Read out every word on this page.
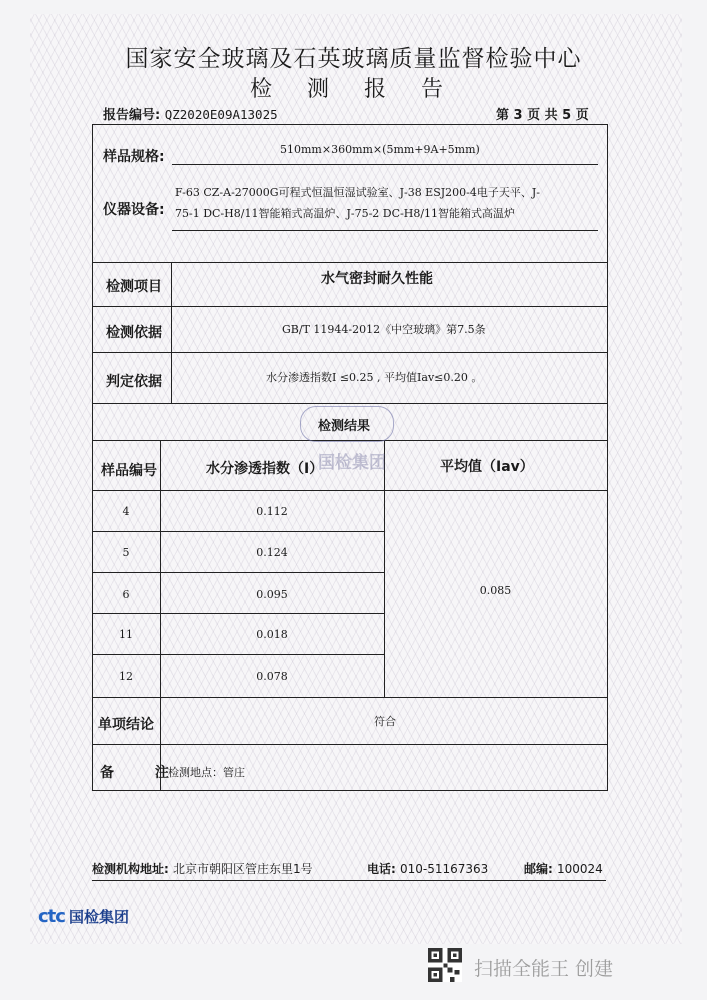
国家安全玻璃及石英玻璃质量监督检验中心
检 测 报 告
报告编号: QZ2020E09A13025	第 3 页 共 5 页
样品规格:	510mm×360mm×(5mm+9A+5mm)
仪器设备:
F-63 CZ-A-27000G可程式恒温恒湿试验室、J-38 ESJ200-4电子天平、J-
75-1 DC-H8/11智能箱式高温炉、J-75-2 DC-H8/11智能箱式高温炉
检测项目	水气密封耐久性能
检测依据	GB/T 11944-2012《中空玻璃》第7.5条
判定依据	水分渗透指数I ≤0.25 , 平均值Iav≤0.20 。
检测结果
国检集团
样品编号	水分渗透指数（I）	平均值（Iav）
4	0.112
5	0.124
6	0.095
11	0.018
12	0.078
0.085
单项结论	符合
备 注
检测地点：管庄
检测机构地址: 北京市朝阳区管庄东里1号	电话: 010-51167363	邮编: 100024
ctc 国检集团
扫描全能王 创建
